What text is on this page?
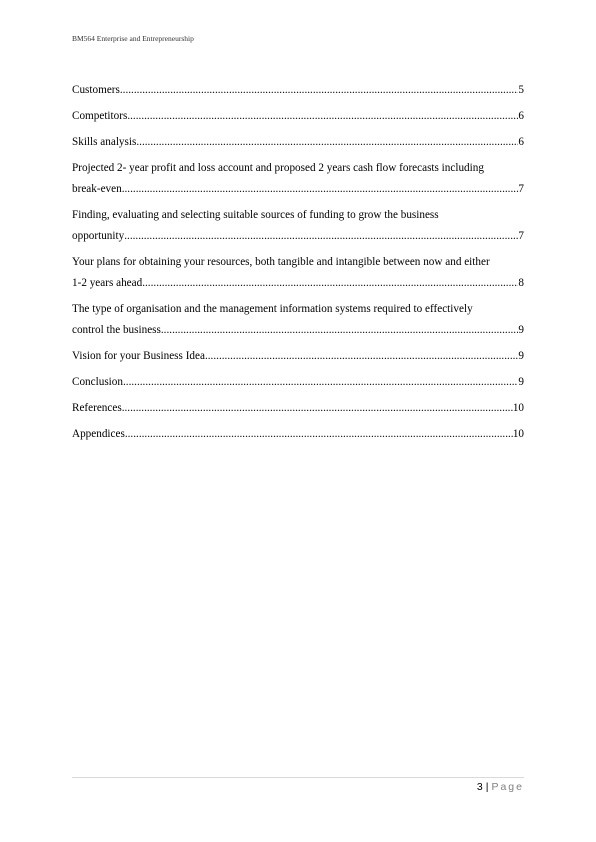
BM564 Enterprise and Entrepreneurship
Customers .....	5
Competitors .....	6
Skills analysis .....	6
Projected 2- year profit and loss account and proposed 2 years cash flow forecasts including
break-even .....	7
Finding, evaluating and selecting suitable sources of funding to grow the business
opportunity .....	7
Your plans for obtaining your resources, both tangible and intangible between now and either
1-2 years ahead .....	8
The type of organisation and the management information systems required to effectively
control the business .....	9
Vision for your Business Idea .....	9
Conclusion .....	9
References .....	10
Appendices .....	10
3 | Page
